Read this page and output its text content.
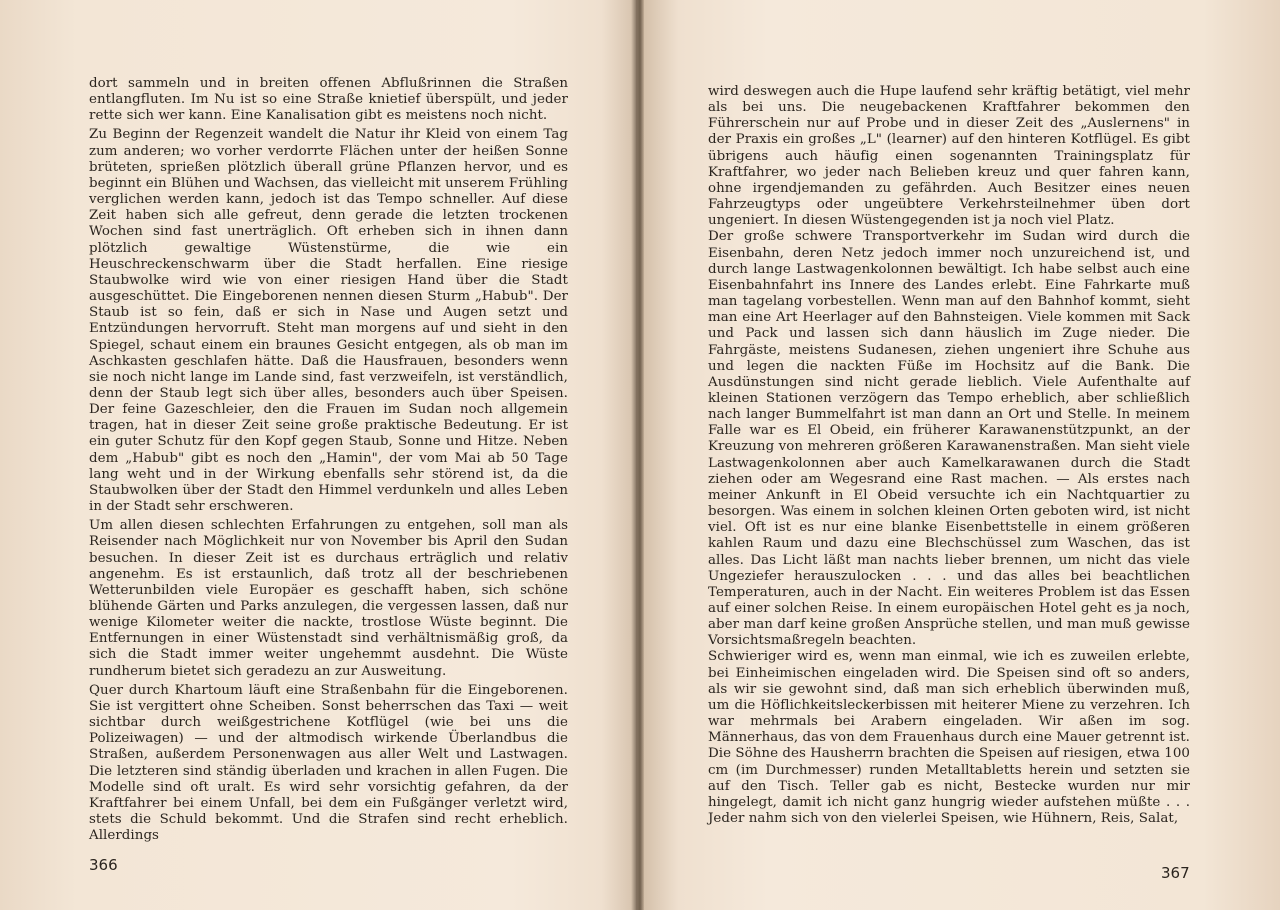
dort sammeln und in breiten offenen Abflußrinnen die Straßen entlangfluten. Im Nu ist so eine Straße knietief überspült, und jeder rette sich wer kann. Eine Kanalisation gibt es meistens noch nicht.

Zu Beginn der Regenzeit wandelt die Natur ihr Kleid von einem Tag zum anderen; wo vorher verdorrte Flächen unter der heißen Sonne brüteten, sprießen plötzlich überall grüne Pflanzen hervor, und es beginnt ein Blühen und Wachsen, das vielleicht mit unserem Frühling verglichen werden kann, jedoch ist das Tempo schneller. Auf diese Zeit haben sich alle gefreut, denn gerade die letzten trockenen Wochen sind fast unerträglich. Oft erheben sich in ihnen dann plötzlich gewaltige Wüstenstürme, die wie ein Heuschreckenschwarm über die Stadt herfallen. Eine riesige Staubwolke wird wie von einer riesigen Hand über die Stadt ausgeschüttet. Die Eingeborenen nennen diesen Sturm „Habub". Der Staub ist so fein, daß er sich in Nase und Augen setzt und Entzündungen hervorruft. Steht man morgens auf und sieht in den Spiegel, schaut einem ein braunes Gesicht entgegen, als ob man im Aschkasten geschlafen hätte. Daß die Hausfrauen, besonders wenn sie noch nicht lange im Lande sind, fast verzweifeln, ist verständlich, denn der Staub legt sich über alles, besonders auch über Speisen. Der feine Gazeschleier, den die Frauen im Sudan noch allgemein tragen, hat in dieser Zeit seine große praktische Bedeutung. Er ist ein guter Schutz für den Kopf gegen Staub, Sonne und Hitze. Neben dem „Habub" gibt es noch den „Hamin", der vom Mai ab 50 Tage lang weht und in der Wirkung ebenfalls sehr störend ist, da die Staubwolken über der Stadt den Himmel verdunkeln und alles Leben in der Stadt sehr erschweren.

Um allen diesen schlechten Erfahrungen zu entgehen, soll man als Reisender nach Möglichkeit nur von November bis April den Sudan besuchen. In dieser Zeit ist es durchaus erträglich und relativ angenehm. Es ist erstaunlich, daß trotz all der beschriebenen Wetterunbilden viele Europäer es geschafft haben, sich schöne blühende Gärten und Parks anzulegen, die vergessen lassen, daß nur wenige Kilometer weiter die nackte, trostlose Wüste beginnt. Die Entfernungen in einer Wüstenstadt sind verhältnismäßig groß, da sich die Stadt immer weiter ungehemmt ausdehnt. Die Wüste rundherum bietet sich geradezu an zur Ausweitung.

Quer durch Khartoum läuft eine Straßenbahn für die Eingeborenen. Sie ist vergittert ohne Scheiben. Sonst beherrschen das Taxi — weit sichtbar durch weißgestrichene Kotflügel (wie bei uns die Polizeiwagen) — und der altmodisch wirkende Überlandbus die Straßen, außerdem Personenwagen aus aller Welt und Lastwagen. Die letzteren sind ständig überladen und krachen in allen Fugen. Die Modelle sind oft uralt. Es wird sehr vorsichtig gefahren, da der Kraftfahrer bei einem Unfall, bei dem ein Fußgänger verletzt wird, stets die Schuld bekommt. Und die Strafen sind recht erheblich. Allerdings

366

wird deswegen auch die Hupe laufend sehr kräftig betätigt, viel mehr als bei uns. Die neugebackenen Kraftfahrer bekommen den Führerschein nur auf Probe und in dieser Zeit des „Auslernens" in der Praxis ein großes „L" (learner) auf den hinteren Kotflügel. Es gibt übrigens auch häufig einen sogenannten Trainingsplatz für Kraftfahrer, wo jeder nach Belieben kreuz und quer fahren kann, ohne irgendjemanden zu gefährden. Auch Besitzer eines neuen Fahrzeugtyps oder ungeübtere Verkehrsteilnehmer üben dort ungeniert. In diesen Wüstengegenden ist ja noch viel Platz.

Der große schwere Transportverkehr im Sudan wird durch die Eisenbahn, deren Netz jedoch immer noch unzureichend ist, und durch lange Lastwagenkolonnen bewältigt. Ich habe selbst auch eine Eisenbahnfahrt ins Innere des Landes erlebt. Eine Fahrkarte muß man tagelang vorbestellen. Wenn man auf den Bahnhof kommt, sieht man eine Art Heerlager auf den Bahnsteigen. Viele kommen mit Sack und Pack und lassen sich dann häuslich im Zuge nieder. Die Fahrgäste, meistens Sudanesen, ziehen ungeniert ihre Schuhe aus und legen die nackten Füße im Hochsitz auf die Bank. Die Ausdünstungen sind nicht gerade lieblich. Viele Aufenthalte auf kleinen Stationen verzögern das Tempo erheblich, aber schließlich nach langer Bummelfahrt ist man dann an Ort und Stelle. In meinem Falle war es El Obeid, ein früherer Karawanenstützpunkt, an der Kreuzung von mehreren größeren Karawanenstraßen. Man sieht viele Lastwagenkolonnen aber auch Kamelkarawanen durch die Stadt ziehen oder am Wegesrand eine Rast machen. — Als erstes nach meiner Ankunft in El Obeid versuchte ich ein Nachtquartier zu besorgen. Was einem in solchen kleinen Orten geboten wird, ist nicht viel. Oft ist es nur eine blanke Eisenbettstelle in einem größeren kahlen Raum und dazu eine Blechschüssel zum Waschen, das ist alles. Das Licht läßt man nachts lieber brennen, um nicht das viele Ungeziefer herauszulocken . . . und das alles bei beachtlichen Temperaturen, auch in der Nacht. Ein weiteres Problem ist das Essen auf einer solchen Reise. In einem europäischen Hotel geht es ja noch, aber man darf keine großen Ansprüche stellen, und man muß gewisse Vorsichtsmaßregeln beachten.

Schwieriger wird es, wenn man einmal, wie ich es zuweilen erlebte, bei Einheimischen eingeladen wird. Die Speisen sind oft so anders, als wir sie gewohnt sind, daß man sich erheblich überwinden muß, um die Höflichkeitsleckerbissen mit heiterer Miene zu verzehren. Ich war mehrmals bei Arabern eingeladen. Wir aßen im sog. Männerhaus, das von dem Frauenhaus durch eine Mauer getrennt ist. Die Söhne des Hausherrn brachten die Speisen auf riesigen, etwa 100 cm (im Durchmesser) runden Metalltabletts herein und setzten sie auf den Tisch. Teller gab es nicht, Bestecke wurden nur mir hingelegt, damit ich nicht ganz hungrig wieder aufstehen müßte . . . Jeder nahm sich von den vielerlei Speisen, wie Hühnern, Reis, Salat,

367
